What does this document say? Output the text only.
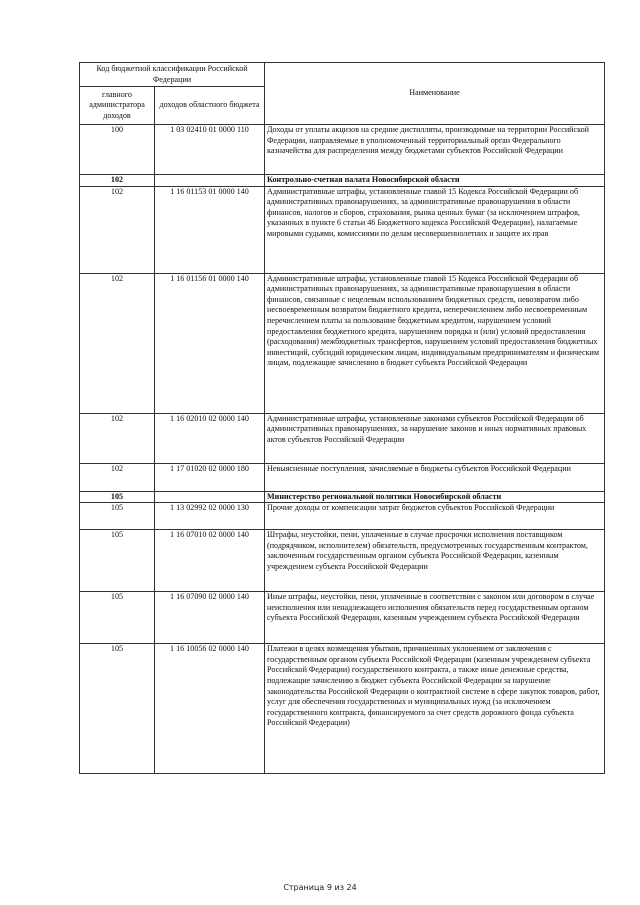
Код бюджетной классификации Российской Федерации		Наименование
главного администратора доходов	доходов областного бюджета	
100	1 03 02410 01 0000 110	Доходы от уплаты акцизов на средние дистилляты, производимые на территории Российской Федерации, направляемые в уполномоченный территориальный орган Федерального казначейства для распределения между бюджетами субъектов Российской Федерации
102		Контрольно-счетная палата Новосибирской области
102	1 16 01153 01 0000 140	Административные штрафы, установленные главой 15 Кодекса Российской Федерации об административных правонарушениях, за административные правонарушения в области финансов, налогов и сборов, страхования, рынка ценных бумаг (за исключением штрафов, указанных в пункте 6 статьи 46 Бюджетного кодекса Российской Федерации), налагаемые мировыми судьями, комиссиями по делам несовершеннолетних и защите их прав
102	1 16 01156 01 0000 140	Административные штрафы, установленные главой 15 Кодекса Российской Федерации об административных правонарушениях, за административные правонарушения в области финансов, связанные с нецелевым использованием бюджетных средств, невозвратом либо несвоевременным возвратом бюджетного кредита, неперечислением либо несвоевременным перечислением платы за пользование бюджетным кредитом, нарушением условий предоставления бюджетного кредита, нарушением порядка и (или) условий предоставления (расходования) межбюджетных трансфертов, нарушением условий предоставления бюджетных инвестиций, субсидий юридическим лицам, индивидуальным предпринимателям и физическим лицам, подлежащие зачислению в бюджет субъекта Российской Федерации
102	1 16 02010 02 0000 140	Административные штрафы, установленные законами субъектов Российской Федерации об административных правонарушениях, за нарушение законов и иных нормативных правовых актов субъектов Российской Федерации
102	1 17 01020 02 0000 180	Невыясненные поступления, зачисляемые в бюджеты субъектов Российской Федерации
105		Министерство региональной политики Новосибирской области
105	1 13 02992 02 0000 130	Прочие доходы от компенсации затрат бюджетов субъектов Российской Федерации
105	1 16 07010 02 0000 140	Штрафы, неустойки, пени, уплаченные в случае просрочки исполнения поставщиком (подрядчиком, исполнителем) обязательств, предусмотренных государственным контрактом, заключенным государственным органом субъекта Российской Федерации, казенным учреждением субъекта Российской Федерации
105	1 16 07090 02 0000 140	Иные штрафы, неустойки, пени, уплаченные в соответствии с законом или договором в случае неисполнения или ненадлежащего исполнения обязательств перед государственным органом субъекта Российской Федерации, казенным учреждением субъекта Российской Федерации
105	1 16 10056 02 0000 140	Платежи в целях возмещения убытков, причиненных уклонением от заключения с государственным органом субъекта Российской Федерации (казенным учреждением субъекта Российской Федерации) государственного контракта, а также иные денежные средства, подлежащие зачислению в бюджет субъекта Российской Федерации за нарушение законодательства Российской Федерации о контрактной системе в сфере закупок товаров, работ, услуг для обеспечения государственных и муниципальных нужд (за исключением государственного контракта, финансируемого за счет средств дорожного фонда субъекта Российской Федерации)
Страница 9 из 24
